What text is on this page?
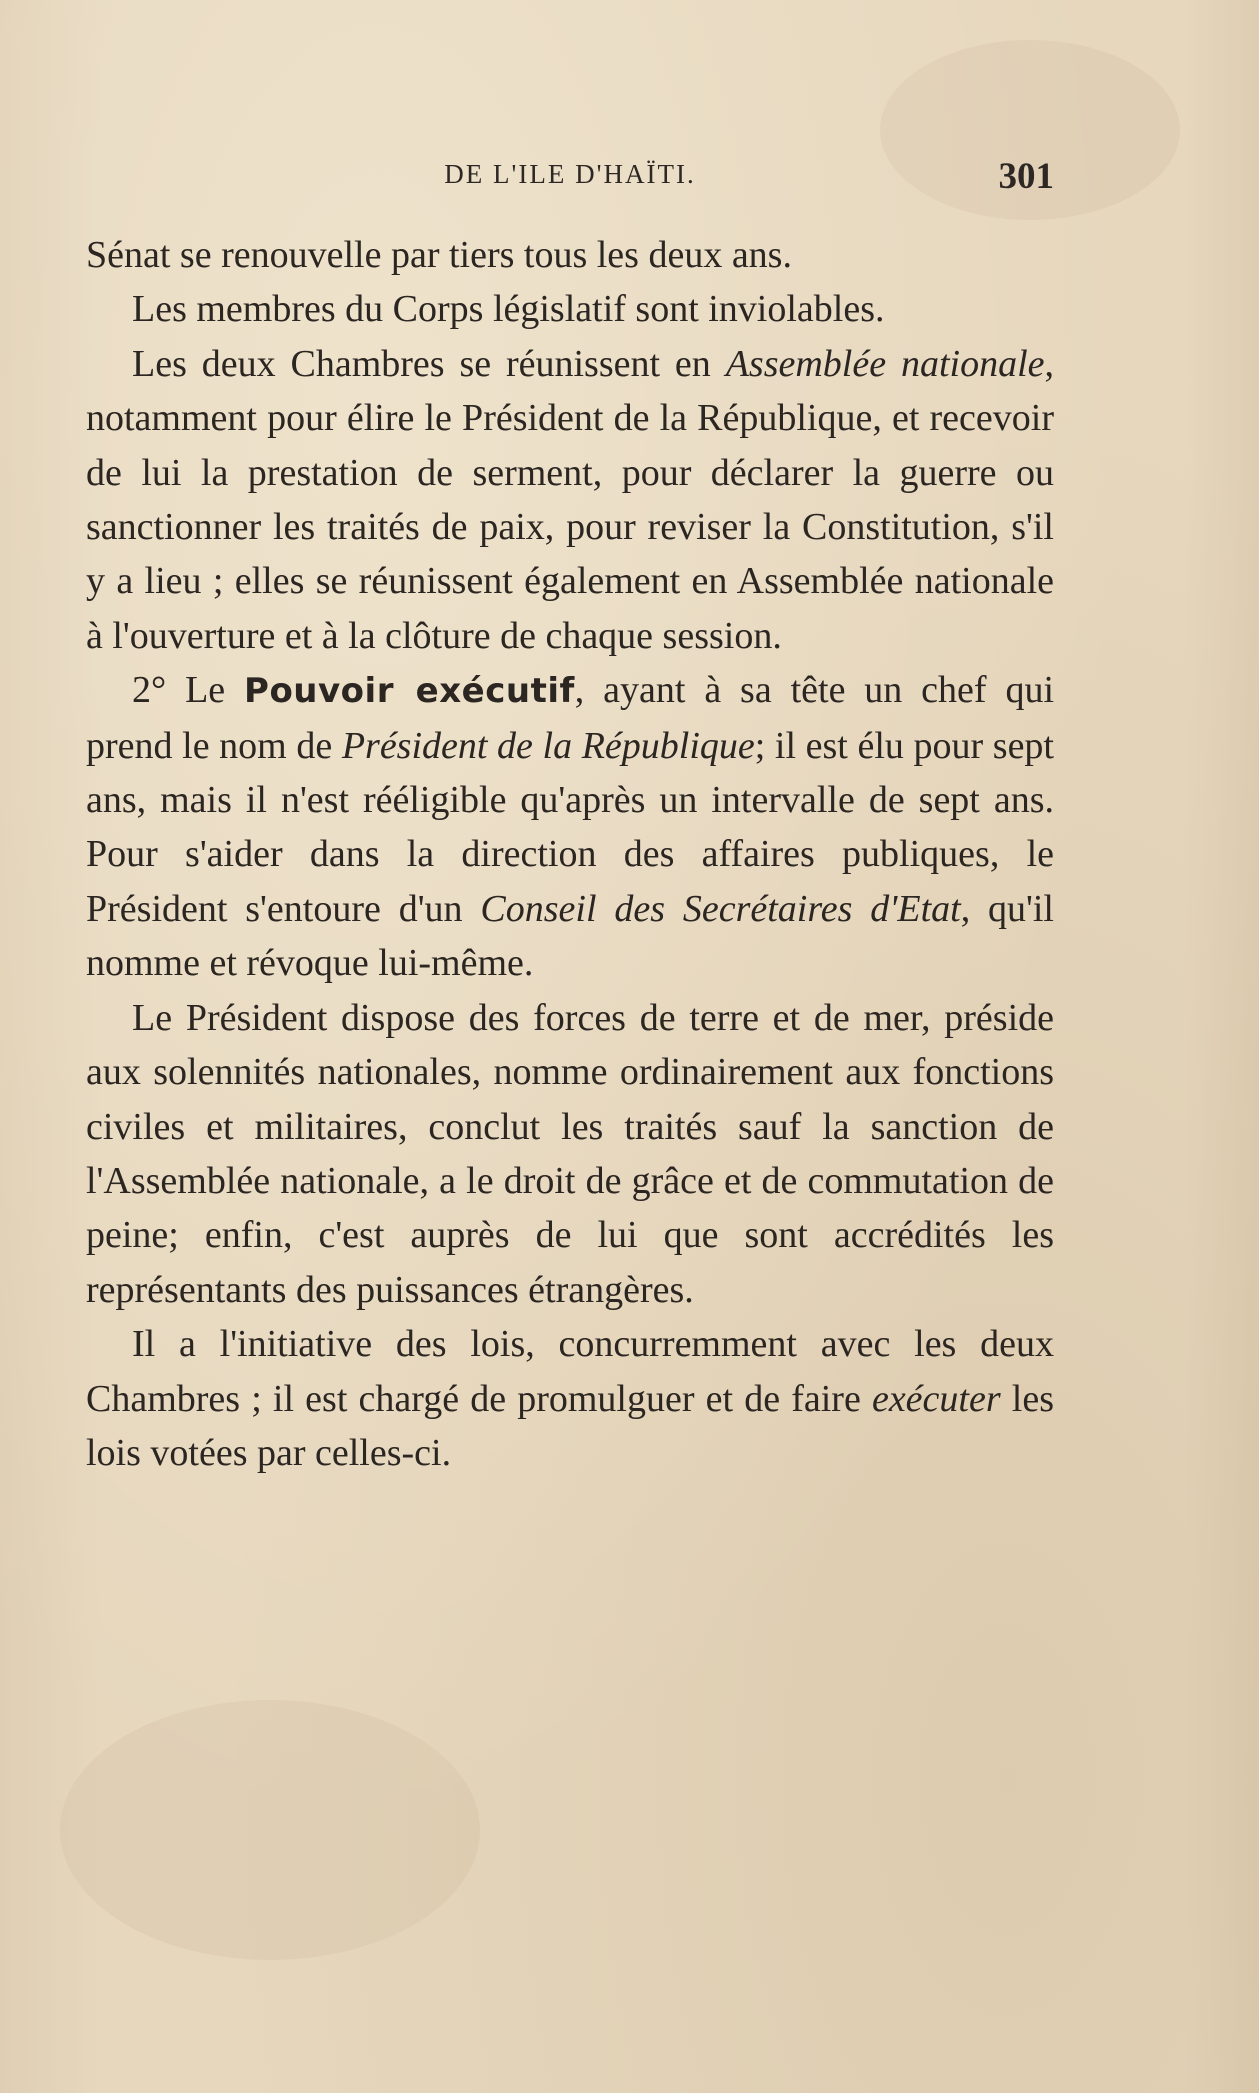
DE L'ILE D'HAÏTI.	301

Sénat se renouvelle par tiers tous les deux ans.

Les membres du Corps législatif sont inviolables.

Les deux Chambres se réunissent en Assemblée nationale, notamment pour élire le Président de la République, et recevoir de lui la prestation de serment, pour déclarer la guerre ou sanctionner les traités de paix, pour reviser la Constitution, s'il y a lieu ; elles se réunissent également en Assemblée nationale à l'ouverture et à la clôture de chaque session.

2° Le Pouvoir exécutif, ayant à sa tête un chef qui prend le nom de Président de la République; il est élu pour sept ans, mais il n'est rééligible qu'après un intervalle de sept ans. Pour s'aider dans la direction des affaires publiques, le Président s'entoure d'un Conseil des Secrétaires d'Etat, qu'il nomme et révoque lui-même.

Le Président dispose des forces de terre et de mer, préside aux solennités nationales, nomme ordinairement aux fonctions civiles et militaires, conclut les traités sauf la sanction de l'Assemblée nationale, a le droit de grâce et de commutation de peine; enfin, c'est auprès de lui que sont accrédités les représentants des puissances étrangères.

Il a l'initiative des lois, concurremment avec les deux Chambres ; il est chargé de promulguer et de faire exécuter les lois votées par celles-ci.
